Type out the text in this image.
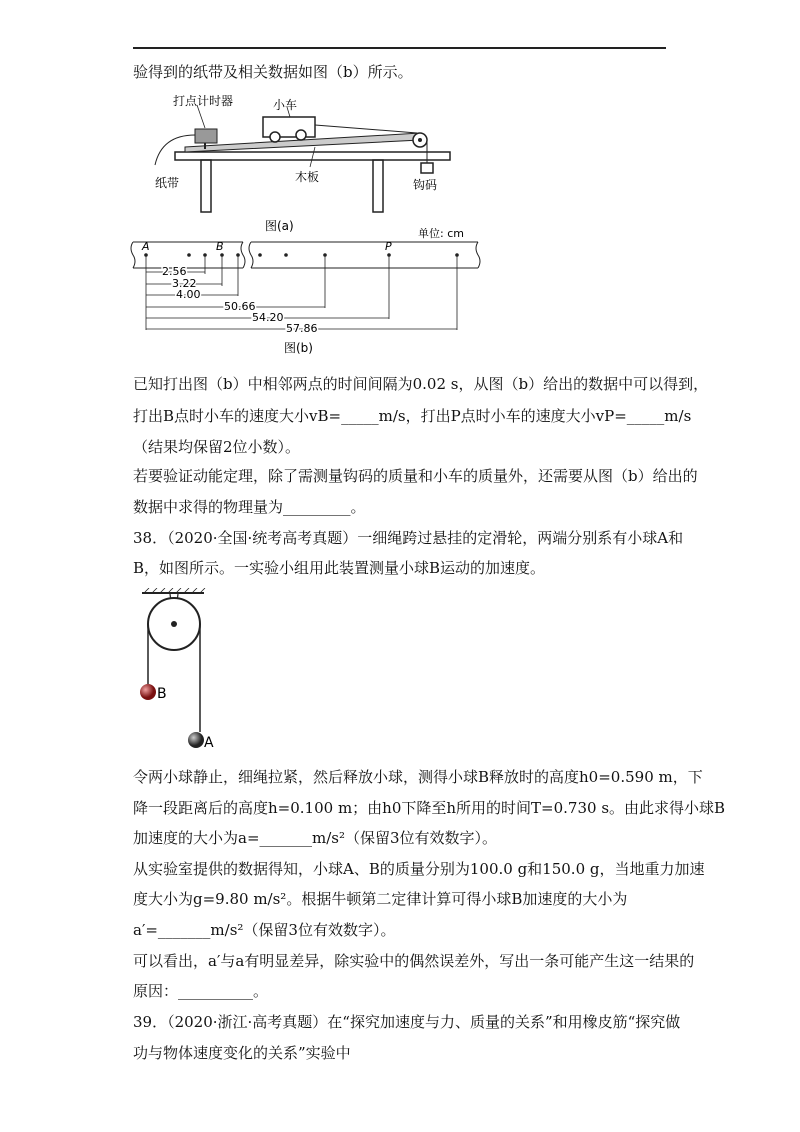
验得到的纸带及相关数据如图（b）所示。
打点计时器	小车
纸带	木板
钩码
图(a)
单位: cm
A	B	P
2.56
3.22
4.00
50.66
54.20
57.86
图(b)
已知打出图（b）中相邻两点的时间间隔为0.02 s，从图（b）给出的数据中可以得到，
打出B点时小车的速度大小vB=_____m/s，打出P点时小车的速度大小vP=_____m/s
（结果均保留2位小数）。
若要验证动能定理，除了需测量钩码的质量和小车的质量外，还需要从图（b）给出的
数据中求得的物理量为_________。
38．（2020·全国·统考高考真题）一细绳跨过悬挂的定滑轮，两端分别系有小球A和
B，如图所示。一实验小组用此装置测量小球B运动的加速度。
B
A
令两小球静止，细绳拉紧，然后释放小球，测得小球B释放时的高度h0=0.590 m，下
降一段距离后的高度h=0.100 m；由h0下降至h所用的时间T=0.730 s。由此求得小球B
加速度的大小为a=_______m/s²（保留3位有效数字）。
从实验室提供的数据得知，小球A、B的质量分别为100.0 g和150.0 g，当地重力加速
度大小为g=9.80 m/s²。根据牛顿第二定律计算可得小球B加速度的大小为
a′=_______m/s²（保留3位有效数字）。
可以看出，a′与a有明显差异，除实验中的偶然误差外，写出一条可能产生这一结果的
原因：__________。
39．（2020·浙江·高考真题）在“探究加速度与力、质量的关系”和用橡皮筋“探究做
功与物体速度变化的关系”实验中
